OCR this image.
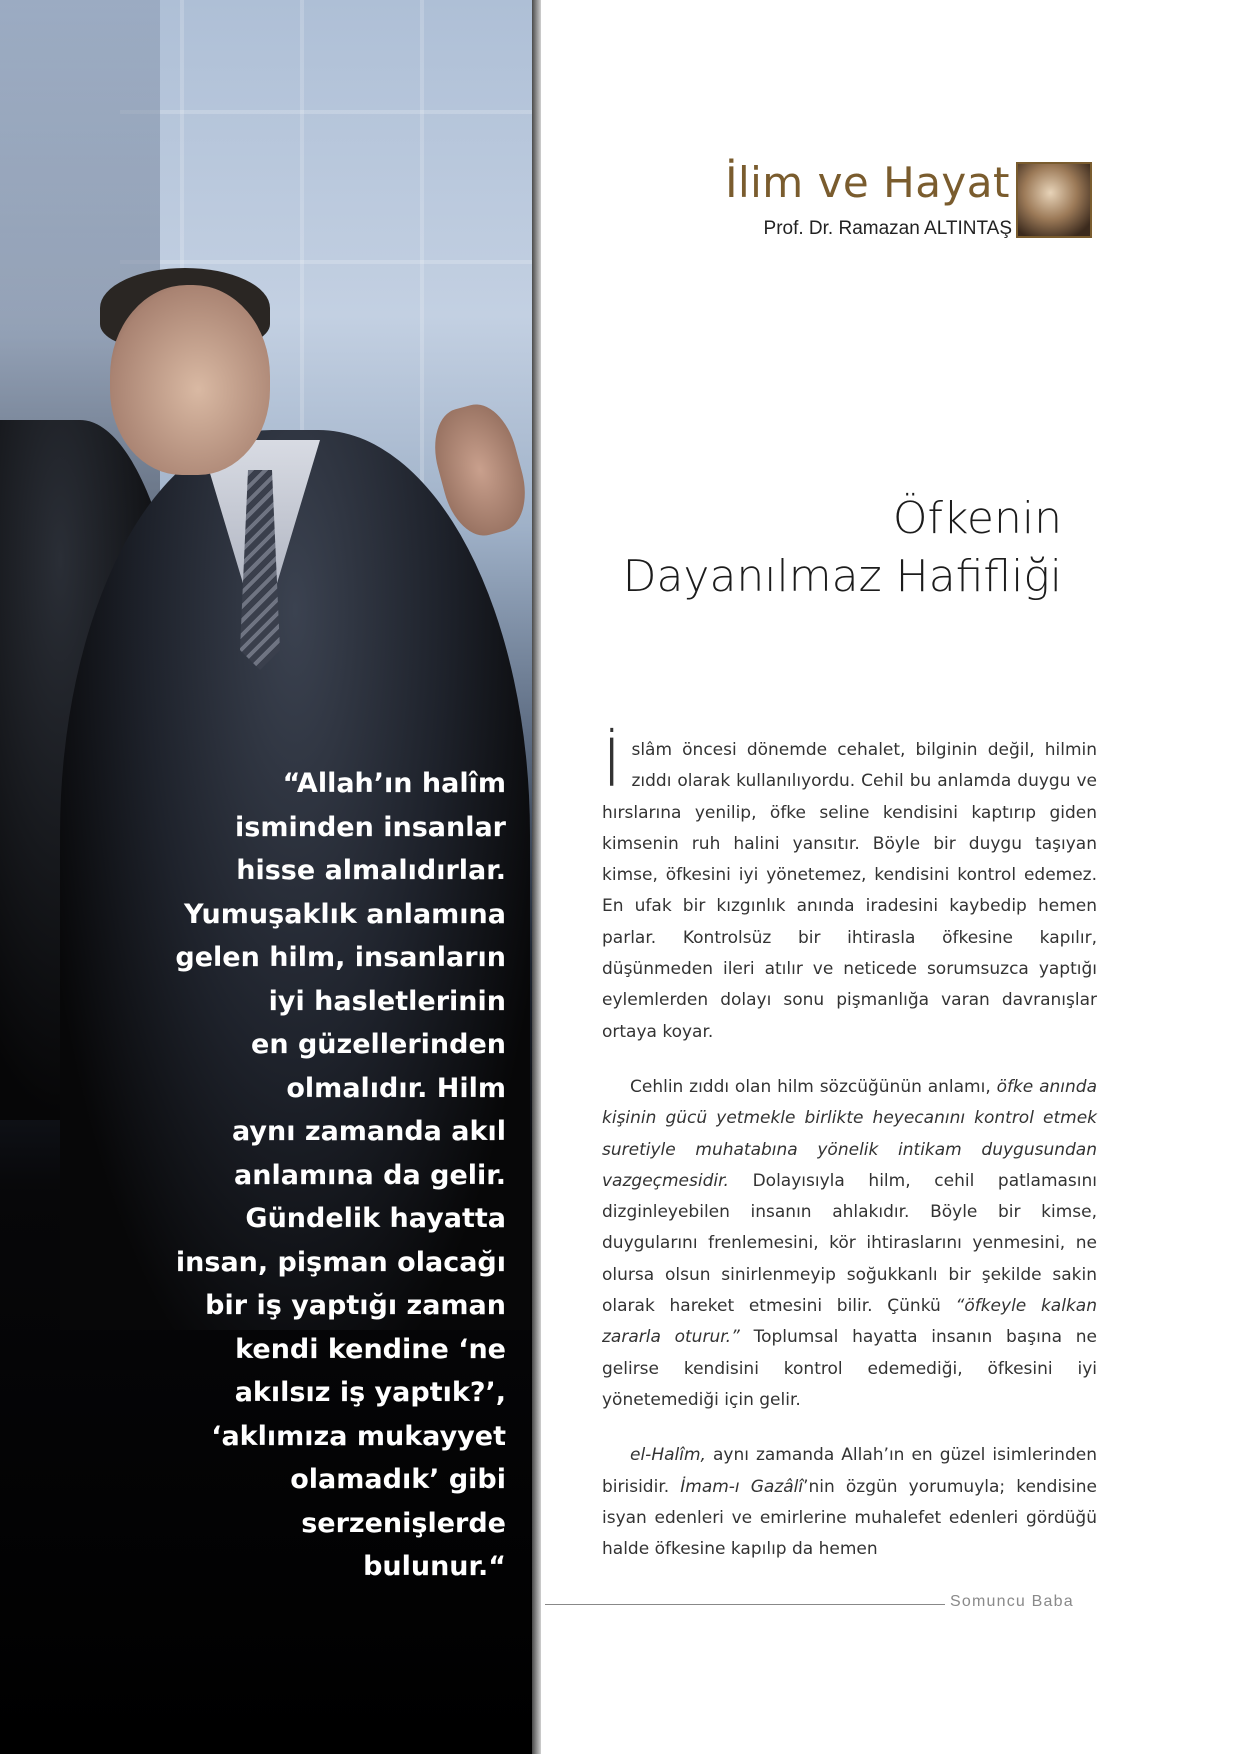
“Allah’ın halîm
isminden insanlar
hisse almalıdırlar.
Yumuşaklık anlamına
gelen hilm, insanların
iyi hasletlerinin
en güzellerinden
olmalıdır. Hilm
aynı zamanda akıl
anlamına da gelir.
Gündelik hayatta
insan, pişman olacağı
bir iş yaptığı zaman
kendi kendine ‘ne
akılsız iş yaptık?’,
‘aklımıza mukayyet
olamadık’ gibi
serzenişlerde
bulunur.“
İlim ve Hayat
Prof. Dr. Ramazan ALTINTAŞ
Öfkenin
Dayanılmaz Hafifliği

İslâm öncesi dönemde cehalet, bilginin değil, hilmin zıddı olarak kullanılıyordu. Cehil bu anlamda duygu ve hırslarına yenilip, öfke seline kendisini kaptırıp giden kimsenin ruh halini yansıtır. Böyle bir duygu taşıyan kimse, öfkesini iyi yönetemez, kendisini kontrol edemez. En ufak bir kızgınlık anında iradesini kaybedip hemen parlar. Kontrolsüz bir ihtirasla öfkesine kapılır, düşünmeden ileri atılır ve neticede sorumsuzca yaptığı eylemlerden dolayı sonu pişmanlığa varan davranışlar ortaya koyar.

Cehlin zıddı olan hilm sözcüğünün anlamı, öfke anında kişinin gücü yetmekle birlikte heyecanını kontrol etmek suretiyle muhatabına yönelik intikam duygusundan vazgeçmesidir. Dolayısıyla hilm, cehil patlamasını dizginleyebilen insanın ahlakıdır. Böyle bir kimse, duygularını frenlemesini, kör ihtiraslarını yenmesini, ne olursa olsun sinirlenmeyip soğukkanlı bir şekilde sakin olarak hareket etmesini bilir. Çünkü “öfkeyle kalkan zararla oturur.” Toplumsal hayatta insanın başına ne gelirse kendisini kontrol edemediği, öfkesini iyi yönetemediği için gelir.

el-Halîm, aynı zamanda Allah’ın en güzel isimlerinden birisidir. İmam-ı Gazâlî’nin özgün yorumuyla; kendisine isyan edenleri ve emirlerine muhalefet edenleri gördüğü halde öfkesine kapılıp da hemen

Somuncu Baba
